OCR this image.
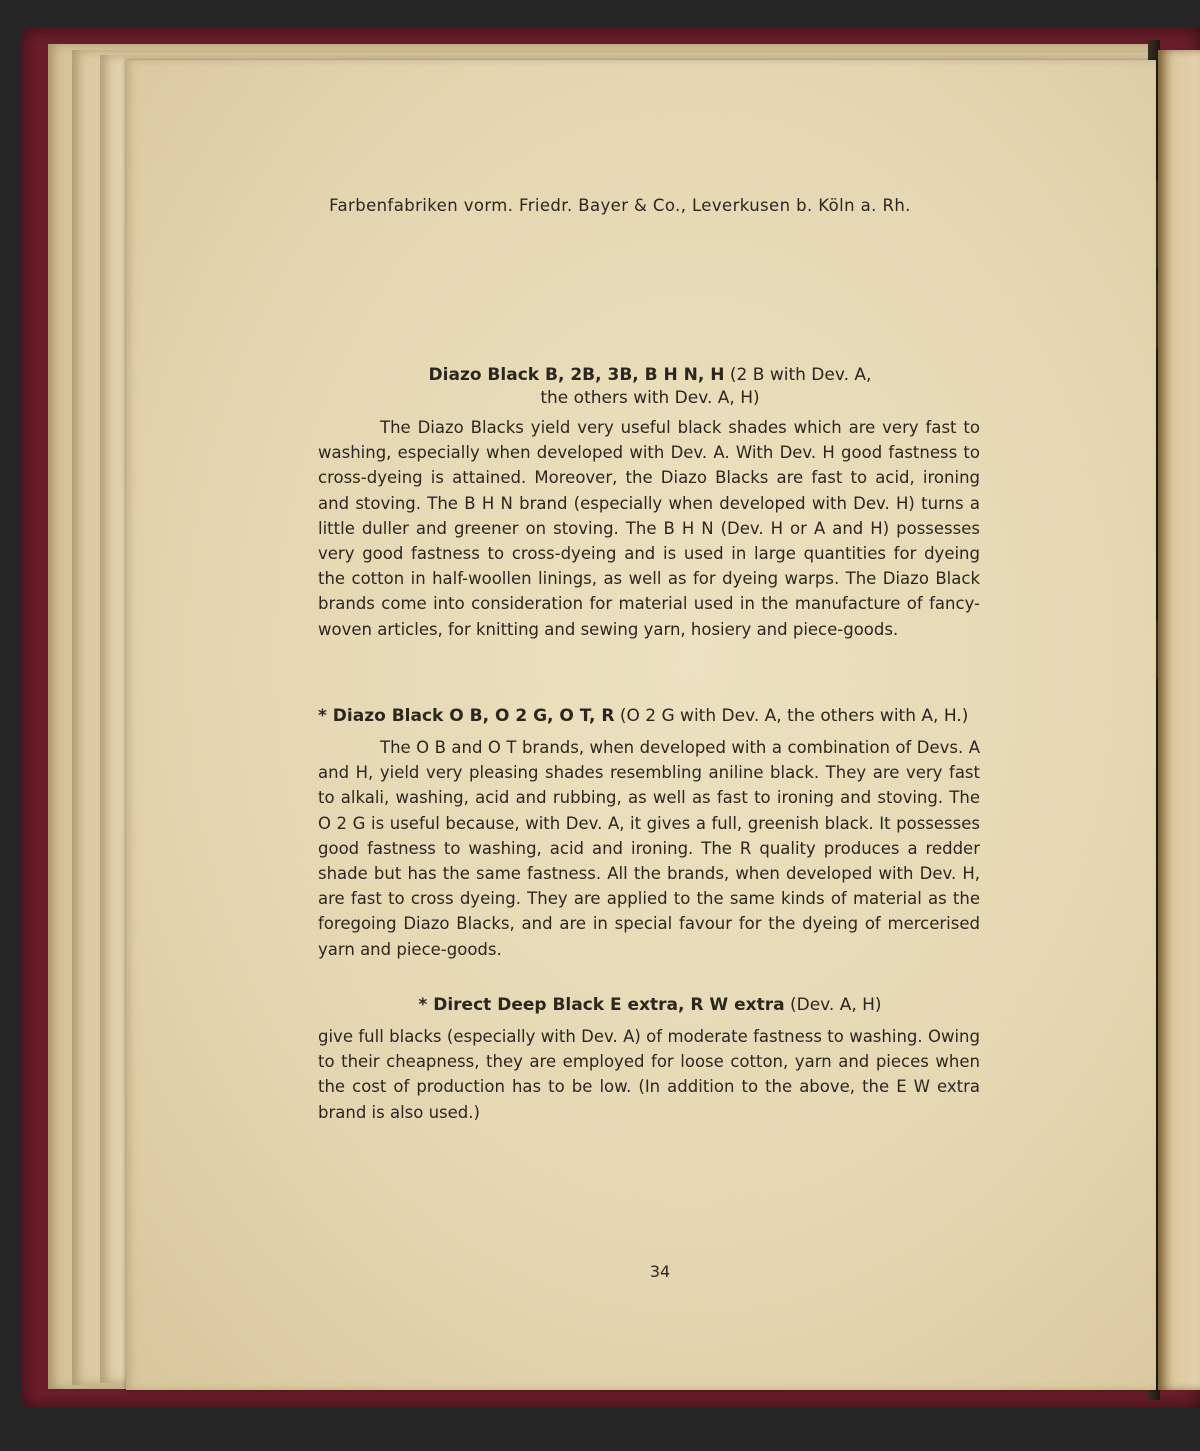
Farbenfabriken vorm. Friedr. Bayer & Co., Leverkusen b. Köln a. Rh.
Diazo Black B, 2B, 3B, B H N, H (2 B with Dev. A,
the others with Dev. A, H)
The Diazo Blacks yield very useful black shades which are very fast to washing, especially when developed with Dev. A. With Dev. H good fastness to cross-dyeing is attained. Moreover, the Diazo Blacks are fast to acid, ironing and stoving. The B H N brand (especially when developed with Dev. H) turns a little duller and greener on stoving. The B H N (Dev. H or A and H) possesses very good fastness to cross-dyeing and is used in large quantities for dyeing the cotton in half-woollen linings, as well as for dyeing warps. The Diazo Black brands come into consideration for material used in the manufacture of fancy-woven articles, for knitting and sewing yarn, hosiery and piece-goods.
* Diazo Black O B, O 2 G, O T, R (O 2 G with Dev. A, the others with A, H.)
The O B and O T brands, when developed with a combination of Devs. A and H, yield very pleasing shades resembling aniline black. They are very fast to alkali, washing, acid and rubbing, as well as fast to ironing and stoving. The O 2 G is useful because, with Dev. A, it gives a full, greenish black. It possesses good fastness to washing, acid and ironing. The R quality produces a redder shade but has the same fastness. All the brands, when developed with Dev. H, are fast to cross dyeing. They are applied to the same kinds of material as the foregoing Diazo Blacks, and are in special favour for the dyeing of mercerised yarn and piece-goods.
* Direct Deep Black E extra, R W extra (Dev. A, H)
give full blacks (especially with Dev. A) of moderate fastness to washing. Owing to their cheapness, they are employed for loose cotton, yarn and pieces when the cost of production has to be low. (In addition to the above, the E W extra brand is also used.)
34
